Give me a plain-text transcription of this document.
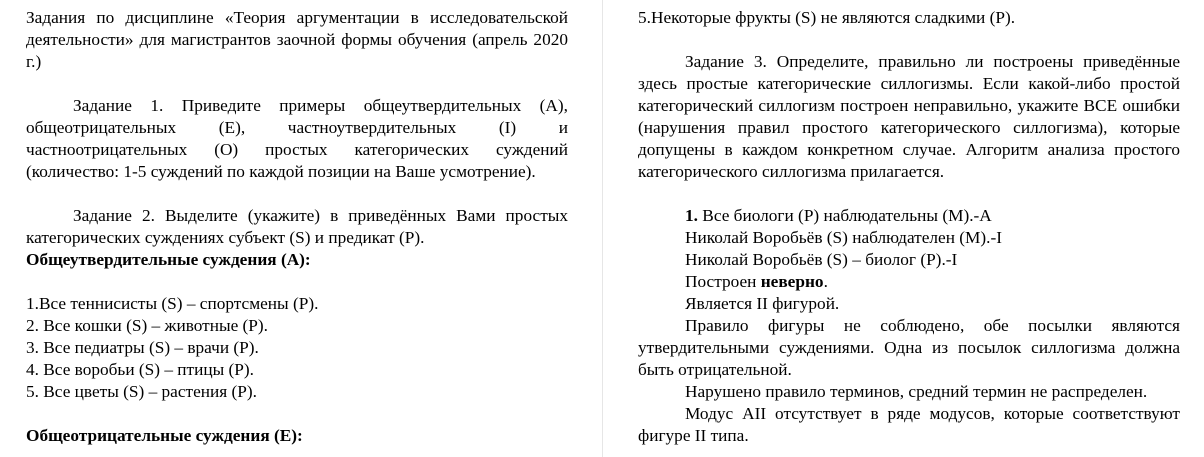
Задания по дисциплине «Теория аргументации в исследовательской деятельности» для магистрантов заочной формы обучения (апрель 2020 г.)

Задание 1. Приведите примеры общеутвердительных (А), общеотрицательных (Е), частноутвердительных (I) и частноотрицательных (О) простых категорических суждений (количество: 1-5 суждений по каждой позиции на Ваше усмотрение).

Задание 2. Выделите (укажите) в приведённых Вами простых категорических суждениях субъект (S) и предикат (P).

Общеутвердительные суждения (А):

1.Все теннисисты (S) – спортсмены (P).

2. Все кошки (S) – животные (P).

3. Все педиатры (S) – врачи (P).

4. Все воробьи (S) – птицы (P).

5. Все цветы (S) – растения (P).

Общеотрицательные суждения (Е):

5.Некоторые фрукты (S) не являются сладкими (P).

Задание 3. Определите, правильно ли построены приведённые здесь простые категорические силлогизмы. Если какой-либо простой категорический силлогизм построен неправильно, укажите ВСЕ ошибки (нарушения правил простого категорического силлогизма), которые допущены в каждом конкретном случае. Алгоритм анализа простого категорического силлогизма прилагается.

1. Все биологи (P) наблюдательны (М).-A

Николай Воробьёв (S) наблюдателен (М).-I

Николай Воробьёв (S) – биолог (P).-I

Построен неверно.

Является II фигурой.

Правило фигуры не соблюдено, обе посылки являются утвердительными суждениями. Одна из посылок силлогизма должна быть отрицательной.

Нарушено правило терминов, средний термин не распределен.

Модус AII отсутствует в ряде модусов, которые соответствуют фигуре II типа.
